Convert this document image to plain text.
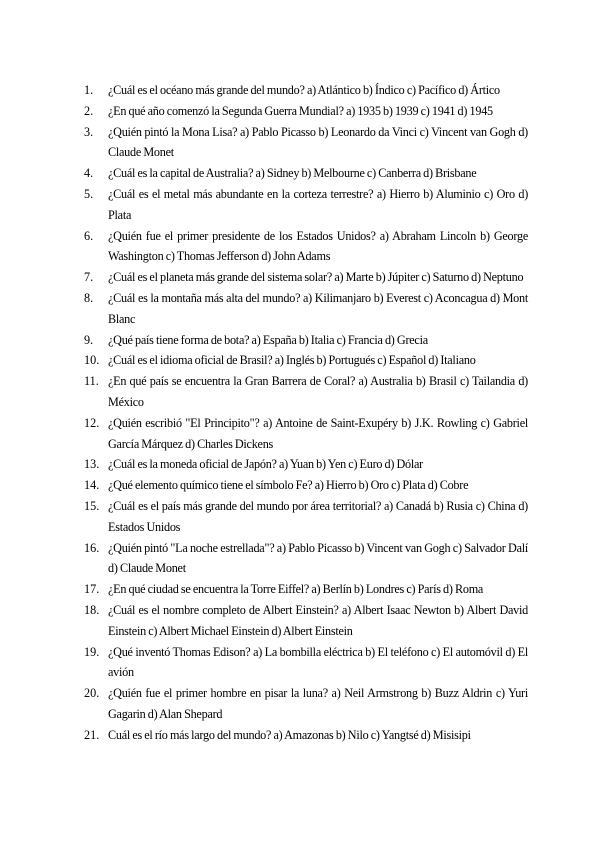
1.	¿Cuál es el océano más grande del mundo? a) Atlántico b) Índico c) Pacífico d) Ártico
2.	¿En qué año comenzó la Segunda Guerra Mundial? a) 1935 b) 1939 c) 1941 d) 1945
3.	¿Quién pintó la Mona Lisa? a) Pablo Picasso b) Leonardo da Vinci c) Vincent van Gogh d) Claude Monet
4.	¿Cuál es la capital de Australia? a) Sidney b) Melbourne c) Canberra d) Brisbane
5.	¿Cuál es el metal más abundante en la corteza terrestre? a) Hierro b) Aluminio c) Oro d) Plata
6.	¿Quién fue el primer presidente de los Estados Unidos? a) Abraham Lincoln b) George Washington c) Thomas Jefferson d) John Adams
7.	¿Cuál es el planeta más grande del sistema solar? a) Marte b) Júpiter c) Saturno d) Neptuno
8.	¿Cuál es la montaña más alta del mundo? a) Kilimanjaro b) Everest c) Aconcagua d) Mont Blanc
9.	¿Qué país tiene forma de bota? a) España b) Italia c) Francia d) Grecia
10. ¿Cuál es el idioma oficial de Brasil? a) Inglés b) Portugués c) Español d) Italiano
11. ¿En qué país se encuentra la Gran Barrera de Coral? a) Australia b) Brasil c) Tailandia d) México
12. ¿Quién escribió "El Principito"? a) Antoine de Saint-Exupéry b) J.K. Rowling c) Gabriel García Márquez d) Charles Dickens
13. ¿Cuál es la moneda oficial de Japón? a) Yuan b) Yen c) Euro d) Dólar
14. ¿Qué elemento químico tiene el símbolo Fe? a) Hierro b) Oro c) Plata d) Cobre
15. ¿Cuál es el país más grande del mundo por área territorial? a) Canadá b) Rusia c) China d) Estados Unidos
16. ¿Quién pintó "La noche estrellada"? a) Pablo Picasso b) Vincent van Gogh c) Salvador Dalí d) Claude Monet
17. ¿En qué ciudad se encuentra la Torre Eiffel? a) Berlín b) Londres c) París d) Roma
18. ¿Cuál es el nombre completo de Albert Einstein? a) Albert Isaac Newton b) Albert David Einstein c) Albert Michael Einstein d) Albert Einstein
19. ¿Qué inventó Thomas Edison? a) La bombilla eléctrica b) El teléfono c) El automóvil d) El avión
20. ¿Quién fue el primer hombre en pisar la luna? a) Neil Armstrong b) Buzz Aldrin c) Yuri Gagarin d) Alan Shepard
21. Cuál es el río más largo del mundo? a) Amazonas b) Nilo c) Yangtsé d) Misisipi
